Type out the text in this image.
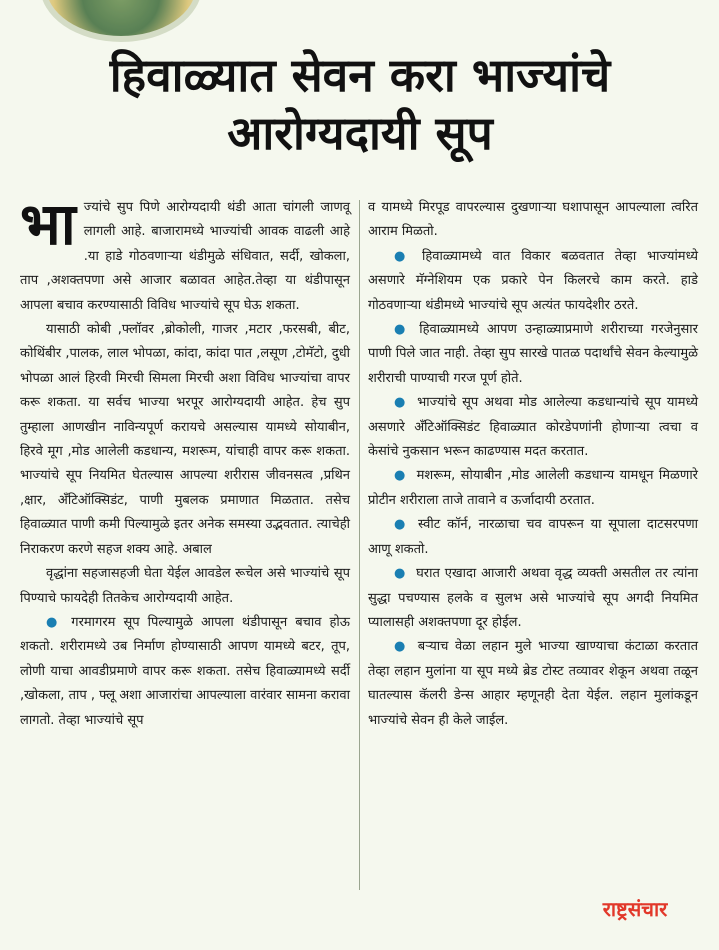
हिवाळ्यात सेवन करा भाज्यांचे
आरोग्यदायी सूप

भाज्यांचे सुप पिणे आरोग्यदायी थंडी आता चांगली जाणवू लागली आहे. बाजारामध्ये भाज्यांची आवक वाढली आहे .या हाडे गोठवणाऱ्या थंडीमुळे संधिवात, सर्दी, खोकला, ताप ,अशक्तपणा असे आजार बळावत आहेत.तेव्हा या थंडीपासून आपला बचाव करण्यासाठी विविध भाज्यांचे सूप घेऊ शकता.

यासाठी कोबी ,फ्लॉवर ,ब्रोकोली, गाजर ,मटार ,फरसबी, बीट, कोथिंबीर ,पालक, लाल भोपळा, कांदा, कांदा पात ,लसूण ,टोमॅटो, दुधी भोपळा आलं हिरवी मिरची सिमला मिरची अशा विविध भाज्यांचा वापर करू शकता. या सर्वच भाज्या भरपूर आरोग्यदायी आहेत. हेच सुप तुम्हाला आणखीन नाविन्यपूर्ण करायचे असल्यास यामध्ये सोयाबीन, हिरवे मूग ,मोड आलेली कडधान्य, मशरूम, यांचाही वापर करू शकता. भाज्यांचे सूप नियमित घेतल्यास आपल्या शरीरास जीवनसत्व ,प्रथिन ,क्षार, अँटिऑक्सिडंट, पाणी मुबलक प्रमाणात मिळतात. तसेच हिवाळ्यात पाणी कमी पिल्यामुळे इतर अनेक समस्या उद्भवतात. त्याचेही निराकरण करणे सहज शक्य आहे. अबाल

वृद्धांना सहजासहजी घेता येईल आवडेल रूचेल असे भाज्यांचे सूप पिण्याचे फायदेही तितकेच आरोग्यदायी आहेत.

● गरमागरम सूप पिल्यामुळे आपला थंडीपासून बचाव होऊ शकतो. शरीरामध्ये उब निर्माण होण्यासाठी आपण यामध्ये बटर, तूप, लोणी याचा आवडीप्रमाणे वापर करू शकता. तसेच हिवाळ्यामध्ये सर्दी ,खोकला, ताप , फ्लू अशा आजारांचा आपल्याला वारंवार सामना करावा लागतो. तेव्हा भाज्यांचे सूप

व यामध्ये मिरपूड वापरल्यास दुखणाऱ्या घशापासून आपल्याला त्वरित आराम मिळतो.

● हिवाळ्यामध्ये वात विकार बळवतात तेव्हा भाज्यांमध्ये असणारे मॅग्नेशियम एक प्रकारे पेन किलरचे काम करते. हाडे गोठवणाऱ्या थंडीमध्ये भाज्यांचे सूप अत्यंत फायदेशीर ठरते.

● हिवाळ्यामध्ये आपण उन्हाळ्याप्रमाणे शरीराच्या गरजेनुसार पाणी पिले जात नाही. तेव्हा सुप सारखे पातळ पदार्थांचे सेवन केल्यामुळे शरीराची पाण्याची गरज पूर्ण होते.

● भाज्यांचे सूप अथवा मोड आलेल्या कडधान्यांचे सूप यामध्ये असणारे अँटिऑक्सिडंट हिवाळ्यात कोरडेपणांनी होणाऱ्या त्वचा व केसांचे नुकसान भरून काढण्यास मदत करतात.

● मशरूम, सोयाबीन ,मोड आलेली कडधान्य यामधून मिळणारे प्रोटीन शरीराला ताजे तावाने व ऊर्जादायी ठरतात.

● स्वीट कॉर्न, नारळाचा चव वापरून या सूपाला दाटसरपणा आणू शकतो.

● घरात एखादा आजारी अथवा वृद्ध व्यक्ती असतील तर त्यांना सुद्धा पचण्यास हलके व सुलभ असे भाज्यांचे सूप अगदी नियमित प्यालासही अशक्तपणा दूर होईल.

● बऱ्याच वेळा लहान मुले भाज्या खाण्याचा कंटाळा करतात तेव्हा लहान मुलांना या सूप मध्ये ब्रेड टोस्ट तव्यावर शेकून अथवा तळून घातल्यास कॅलरी डेन्स आहार म्हणूनही देता येईल. लहान मुलांकडून भाज्यांचे सेवन ही केले जाईल.

राष्ट्रसंचार
